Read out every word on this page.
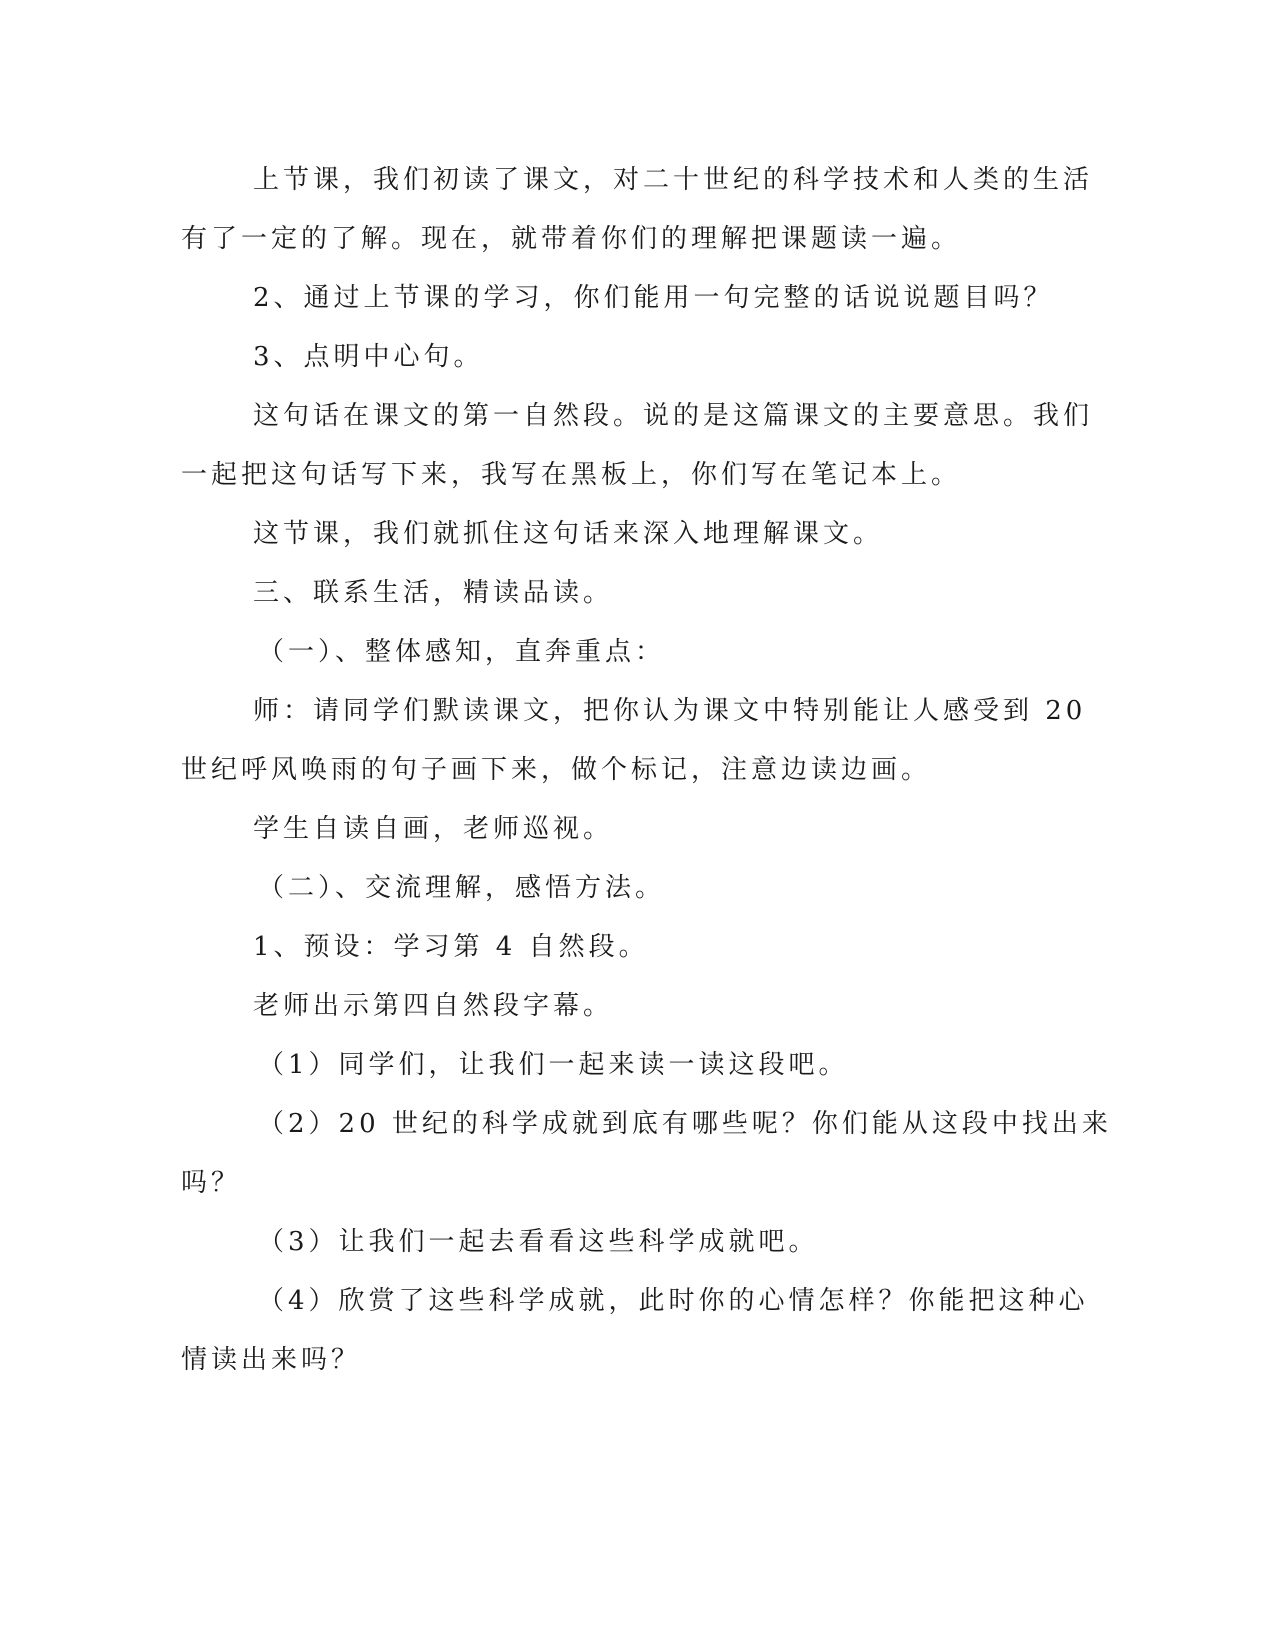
上节课，我们初读了课文，对二十世纪的科学技术和人类的生活
有了一定的了解。现在，就带着你们的理解把课题读一遍。
2、通过上节课的学习，你们能用一句完整的话说说题目吗？
3、点明中心句。
这句话在课文的第一自然段。说的是这篇课文的主要意思。我们
一起把这句话写下来，我写在黑板上，你们写在笔记本上。
这节课，我们就抓住这句话来深入地理解课文。
三、联系生活，精读品读。
（一）、整体感知，直奔重点：
师：请同学们默读课文，把你认为课文中特别能让人感受到 20
世纪呼风唤雨的句子画下来，做个标记，注意边读边画。
学生自读自画，老师巡视。
（二）、交流理解，感悟方法。
1、预设：学习第 4 自然段。
老师出示第四自然段字幕。
（1）同学们，让我们一起来读一读这段吧。
（2）20 世纪的科学成就到底有哪些呢？你们能从这段中找出来
吗？
（3）让我们一起去看看这些科学成就吧。
（4）欣赏了这些科学成就，此时你的心情怎样？你能把这种心
情读出来吗？
